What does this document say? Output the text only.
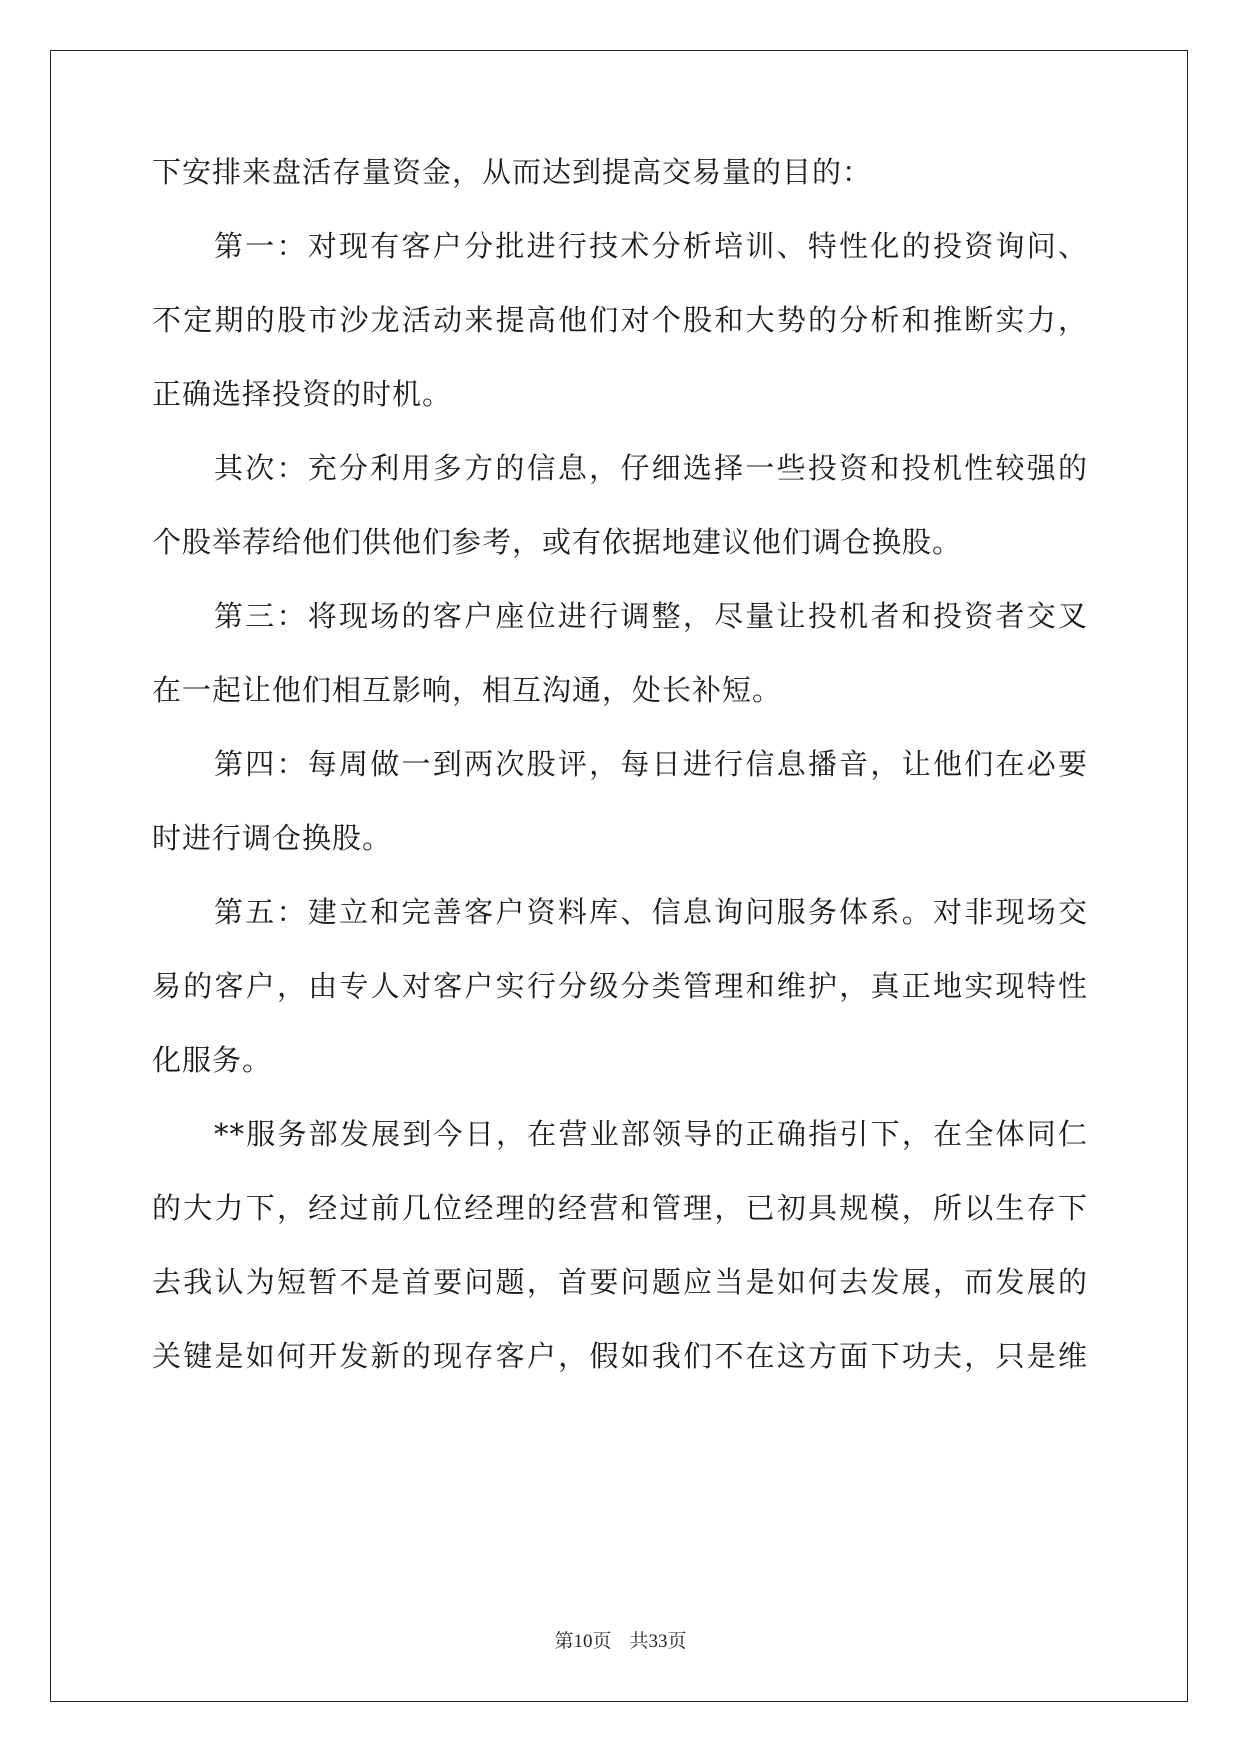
下安排来盘活存量资金，从而达到提高交易量的目的：
第一：对现有客户分批进行技术分析培训、特性化的投资询问、
不定期的股市沙龙活动来提高他们对个股和大势的分析和推断实力，
正确选择投资的时机。
其次：充分利用多方的信息，仔细选择一些投资和投机性较强的
个股举荐给他们供他们参考，或有依据地建议他们调仓换股。
第三：将现场的客户座位进行调整，尽量让投机者和投资者交叉
在一起让他们相互影响，相互沟通，处长补短。
第四：每周做一到两次股评，每日进行信息播音，让他们在必要
时进行调仓换股。
第五：建立和完善客户资料库、信息询问服务体系。对非现场交
易的客户，由专人对客户实行分级分类管理和维护，真正地实现特性
化服务。
**服务部发展到今日，在营业部领导的正确指引下，在全体同仁
的大力下，经过前几位经理的经营和管理，已初具规模，所以生存下
去我认为短暂不是首要问题，首要问题应当是如何去发展，而发展的
关键是如何开发新的现存客户，假如我们不在这方面下功夫，只是维
第10页 共33页
